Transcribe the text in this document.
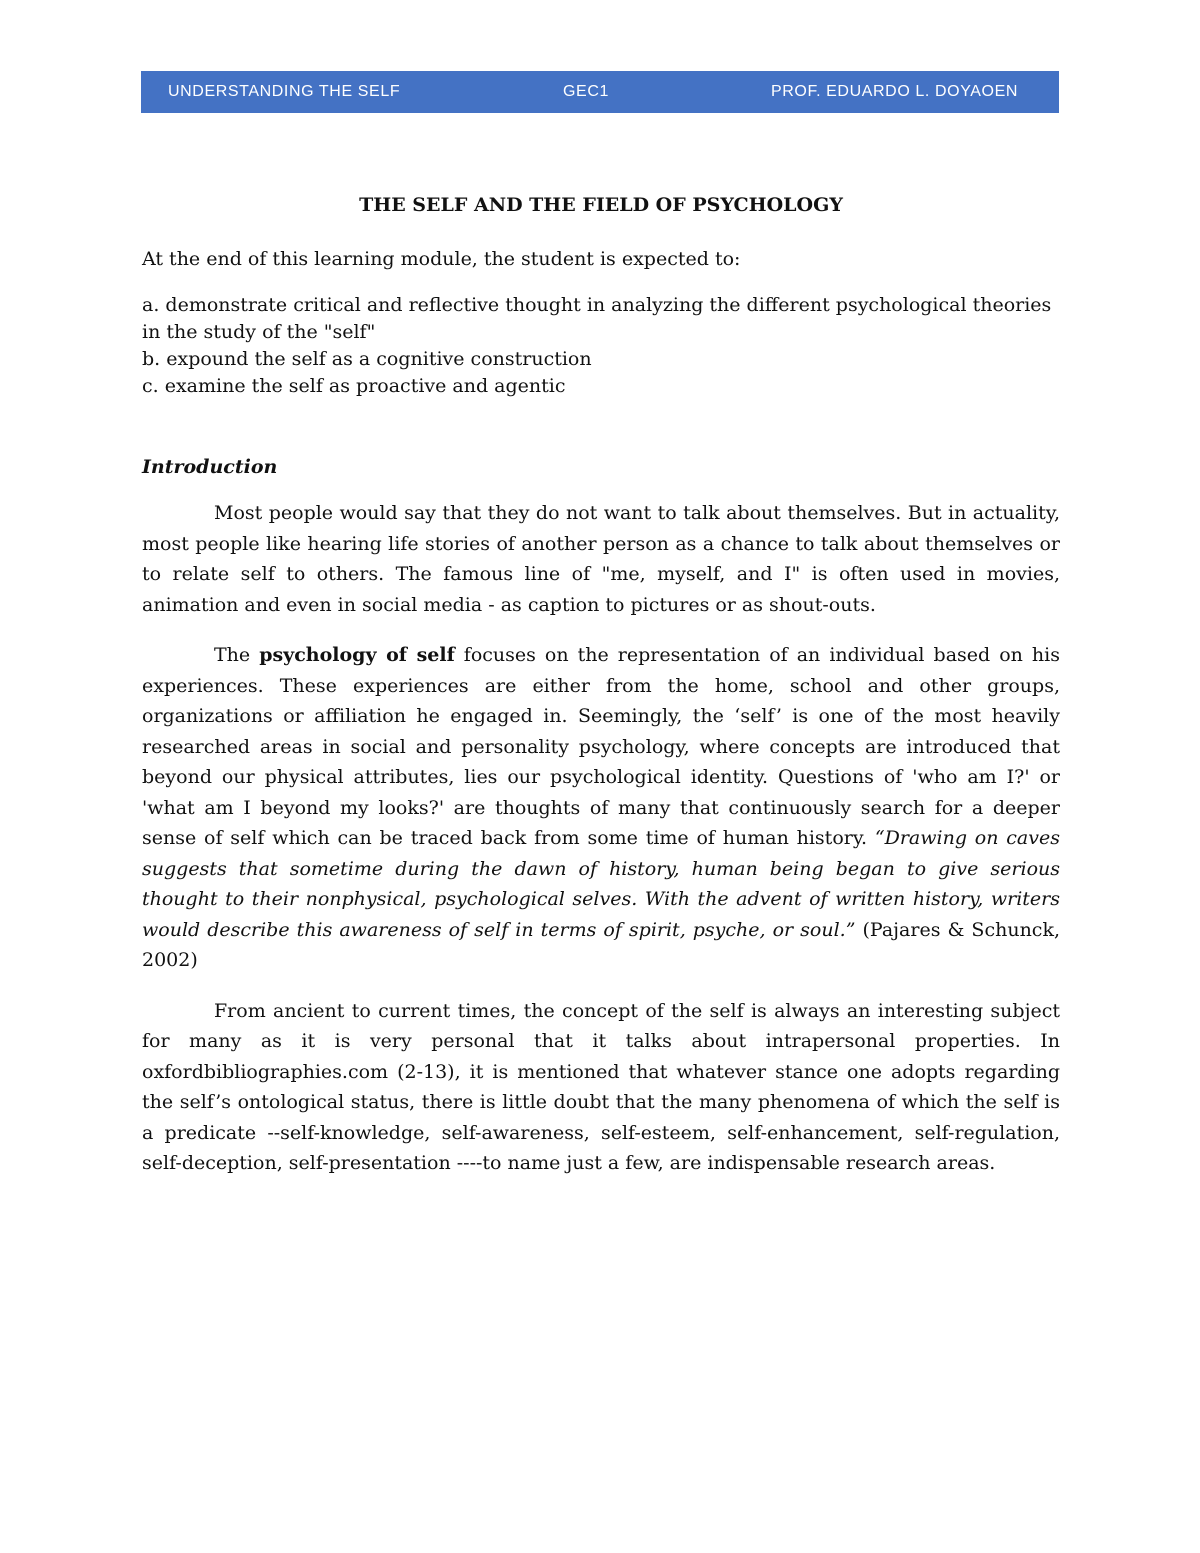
UNDERSTANDING THE SELF	GEC1	PROF. EDUARDO L. DOYAOEN
THE SELF AND THE FIELD OF PSYCHOLOGY
At the end of this learning module, the student is expected to:
a. demonstrate critical and reflective thought in analyzing the different psychological theories in the study of the "self"
b. expound the self as a cognitive construction
c. examine the self as proactive and agentic
Introduction

Most people would say that they do not want to talk about themselves. But in actuality, most people like hearing life stories of another person as a chance to talk about themselves or to relate self to others. The famous line of "me, myself, and I" is often used in movies, animation and even in social media - as caption to pictures or as shout-outs.

The psychology of self focuses on the representation of an individual based on his experiences. These experiences are either from the home, school and other groups, organizations or affiliation he engaged in. Seemingly, the ‘self’ is one of the most heavily researched areas in social and personality psychology, where concepts are introduced that beyond our physical attributes, lies our psychological identity. Questions of 'who am I?' or 'what am I beyond my looks?' are thoughts of many that continuously search for a deeper sense of self which can be traced back from some time of human history. “Drawing on caves suggests that sometime during the dawn of history, human being began to give serious thought to their nonphysical, psychological selves. With the advent of written history, writers would describe this awareness of self in terms of spirit, psyche, or soul.” (Pajares & Schunck, 2002)

From ancient to current times, the concept of the self is always an interesting subject for many as it is very personal that it talks about intrapersonal properties. In oxfordbibliographies.com (2-13), it is mentioned that whatever stance one adopts regarding the self’s ontological status, there is little doubt that the many phenomena of which the self is a predicate --self-knowledge, self-awareness, self-esteem, self-enhancement, self-regulation, self-deception, self-presentation ----to name just a few, are indispensable research areas.
